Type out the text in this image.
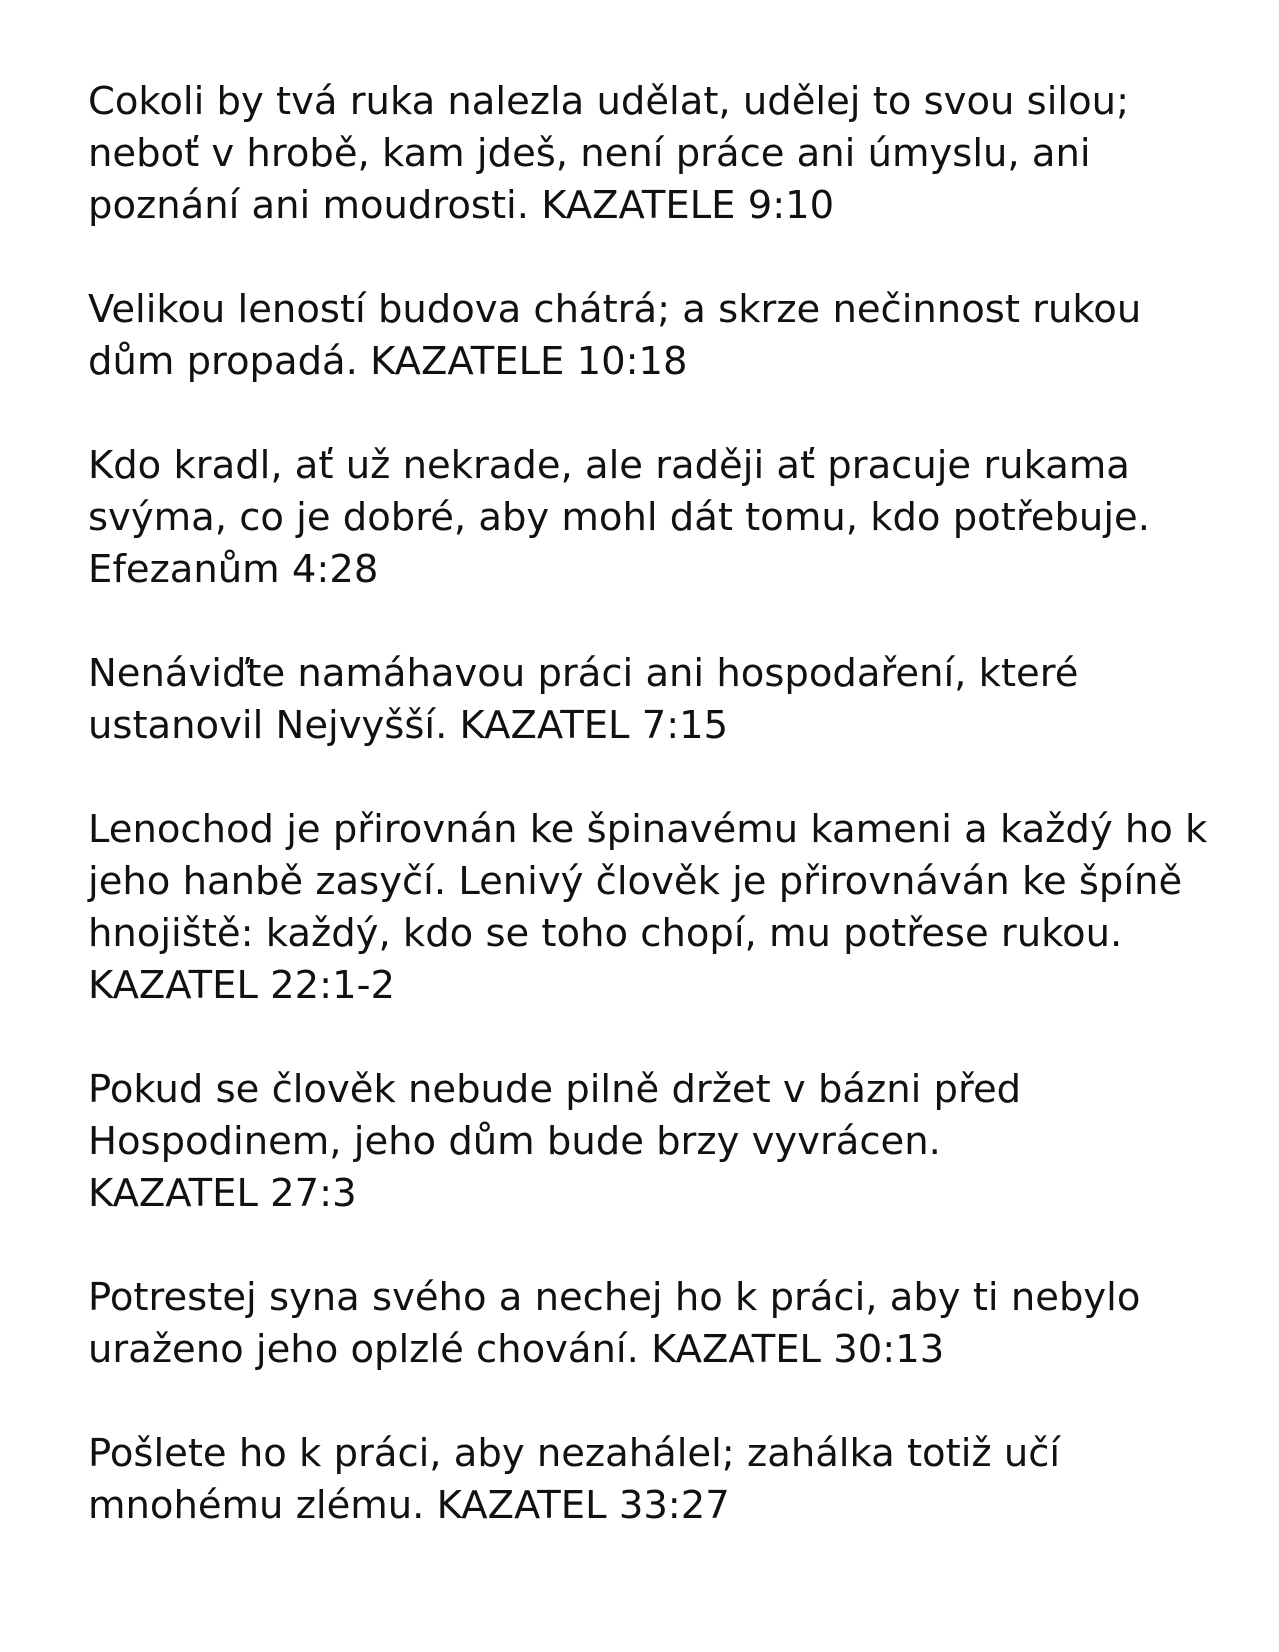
Cokoli by tvá ruka nalezla udělat, udělej to svou silou;
neboť v hrobě, kam jdeš, není práce ani úmyslu, ani
poznání ani moudrosti. KAZATELE 9:10

Velikou leností budova chátrá; a skrze nečinnost rukou
dům propadá. KAZATELE 10:18

Kdo kradl, ať už nekrade, ale raději ať pracuje rukama
svýma, co je dobré, aby mohl dát tomu, kdo potřebuje.
Efezanům 4:28

Nenáviďte namáhavou práci ani hospodaření, které
ustanovil Nejvyšší. KAZATEL 7:15

Lenochod je přirovnán ke špinavému kameni a každý ho k
jeho hanbě zasyčí. Lenivý člověk je přirovnáván ke špíně
hnojiště: každý, kdo se toho chopí, mu potřese rukou.
KAZATEL 22:1-2

Pokud se člověk nebude pilně držet v bázni před
Hospodinem, jeho dům bude brzy vyvrácen.
KAZATEL 27:3

Potrestej syna svého a nechej ho k práci, aby ti nebylo
uraženo jeho oplzlé chování. KAZATEL 30:13

Pošlete ho k práci, aby nezahálel; zahálka totiž učí
mnohému zlému. KAZATEL 33:27
